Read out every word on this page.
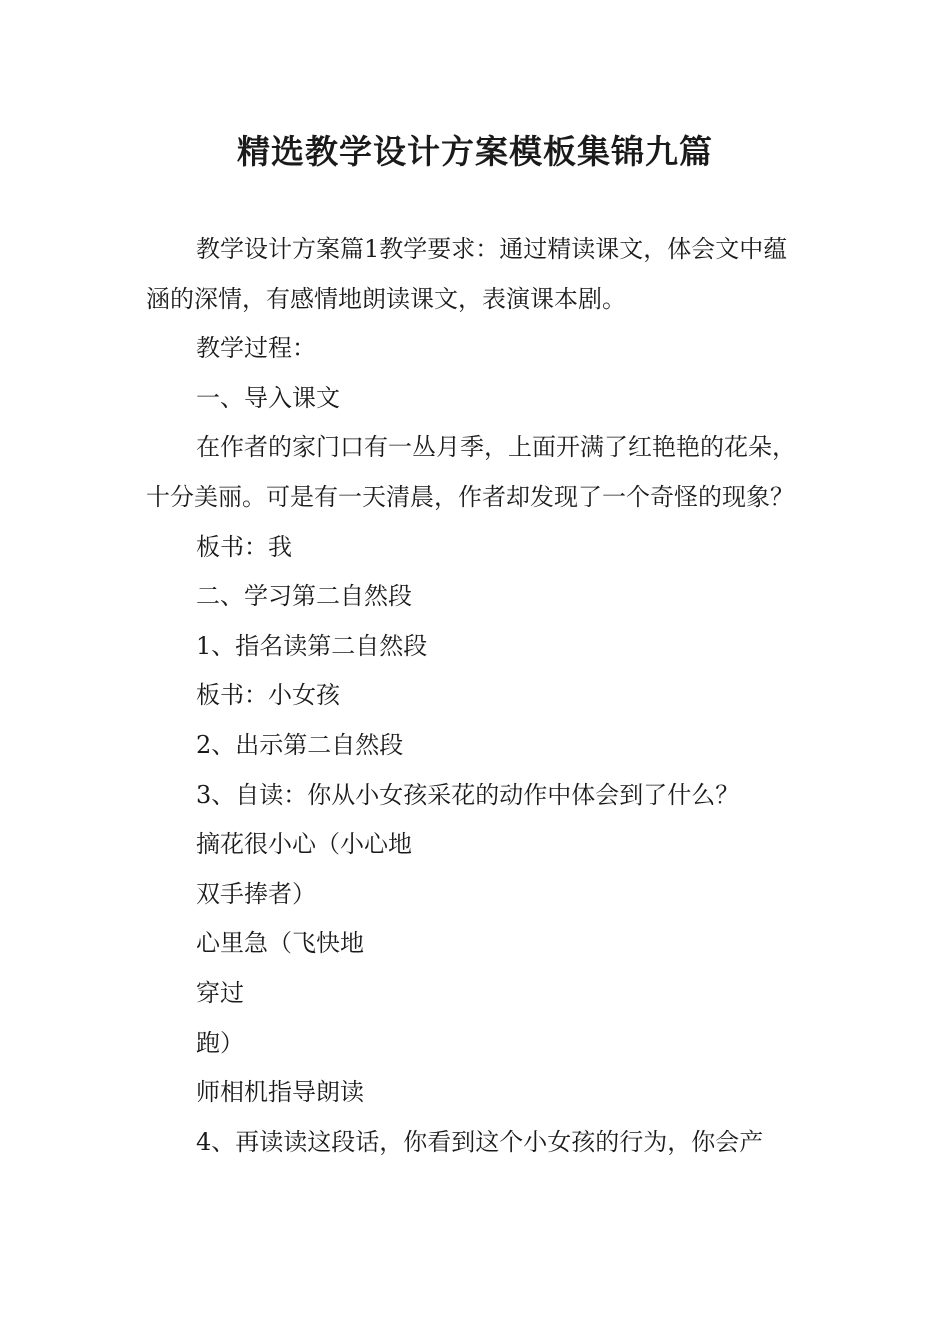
精选教学设计方案模板集锦九篇

教学设计方案篇1教学要求：通过精读课文，体会文中蕴涵的深情，有感情地朗读课文，表演课本剧。

教学过程：

一、导入课文

在作者的家门口有一丛月季，上面开满了红艳艳的花朵，十分美丽。可是有一天清晨，作者却发现了一个奇怪的现象？

板书：我

二、学习第二自然段

1、指名读第二自然段

板书：小女孩

2、出示第二自然段

3、自读：你从小女孩采花的动作中体会到了什么？

摘花很小心（小心地

双手捧者）

心里急（飞快地

穿过

跑）

师相机指导朗读

4、再读读这段话，你看到这个小女孩的行为，你会产
